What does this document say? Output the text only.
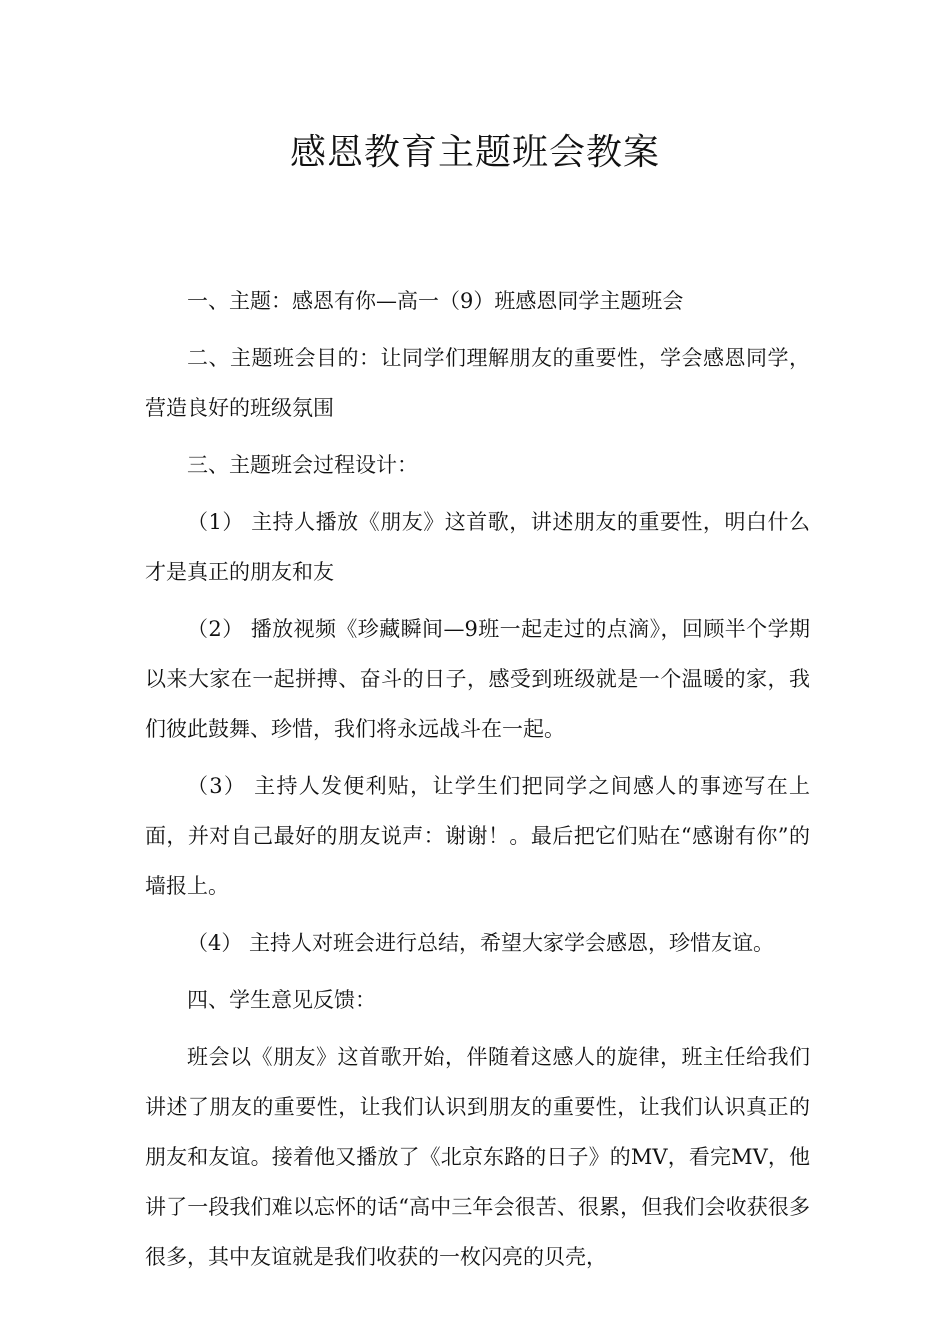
感恩教育主题班会教案

一、主题：感恩有你—高一（9）班感恩同学主题班会

二、主题班会目的：让同学们理解朋友的重要性，学会感恩同学，营造良好的班级氛围

三、主题班会过程设计：

（1） 主持人播放《朋友》这首歌，讲述朋友的重要性，明白什么才是真正的朋友和友

（2） 播放视频《珍藏瞬间—9班一起走过的点滴》，回顾半个学期以来大家在一起拼搏、奋斗的日子，感受到班级就是一个温暖的家，我们彼此鼓舞、珍惜，我们将永远战斗在一起。

（3） 主持人发便利贴，让学生们把同学之间感人的事迹写在上面，并对自己最好的朋友说声：谢谢！。最后把它们贴在“感谢有你”的墙报上。

（4） 主持人对班会进行总结，希望大家学会感恩，珍惜友谊。

四、学生意见反馈：

班会以《朋友》这首歌开始，伴随着这感人的旋律，班主任给我们讲述了朋友的重要性，让我们认识到朋友的重要性，让我们认识真正的朋友和友谊。接着他又播放了《北京东路的日子》的MV，看完MV，他讲了一段我们难以忘怀的话“高中三年会很苦、很累，但我们会收获很多很多，其中友谊就是我们收获的一枚闪亮的贝壳，
